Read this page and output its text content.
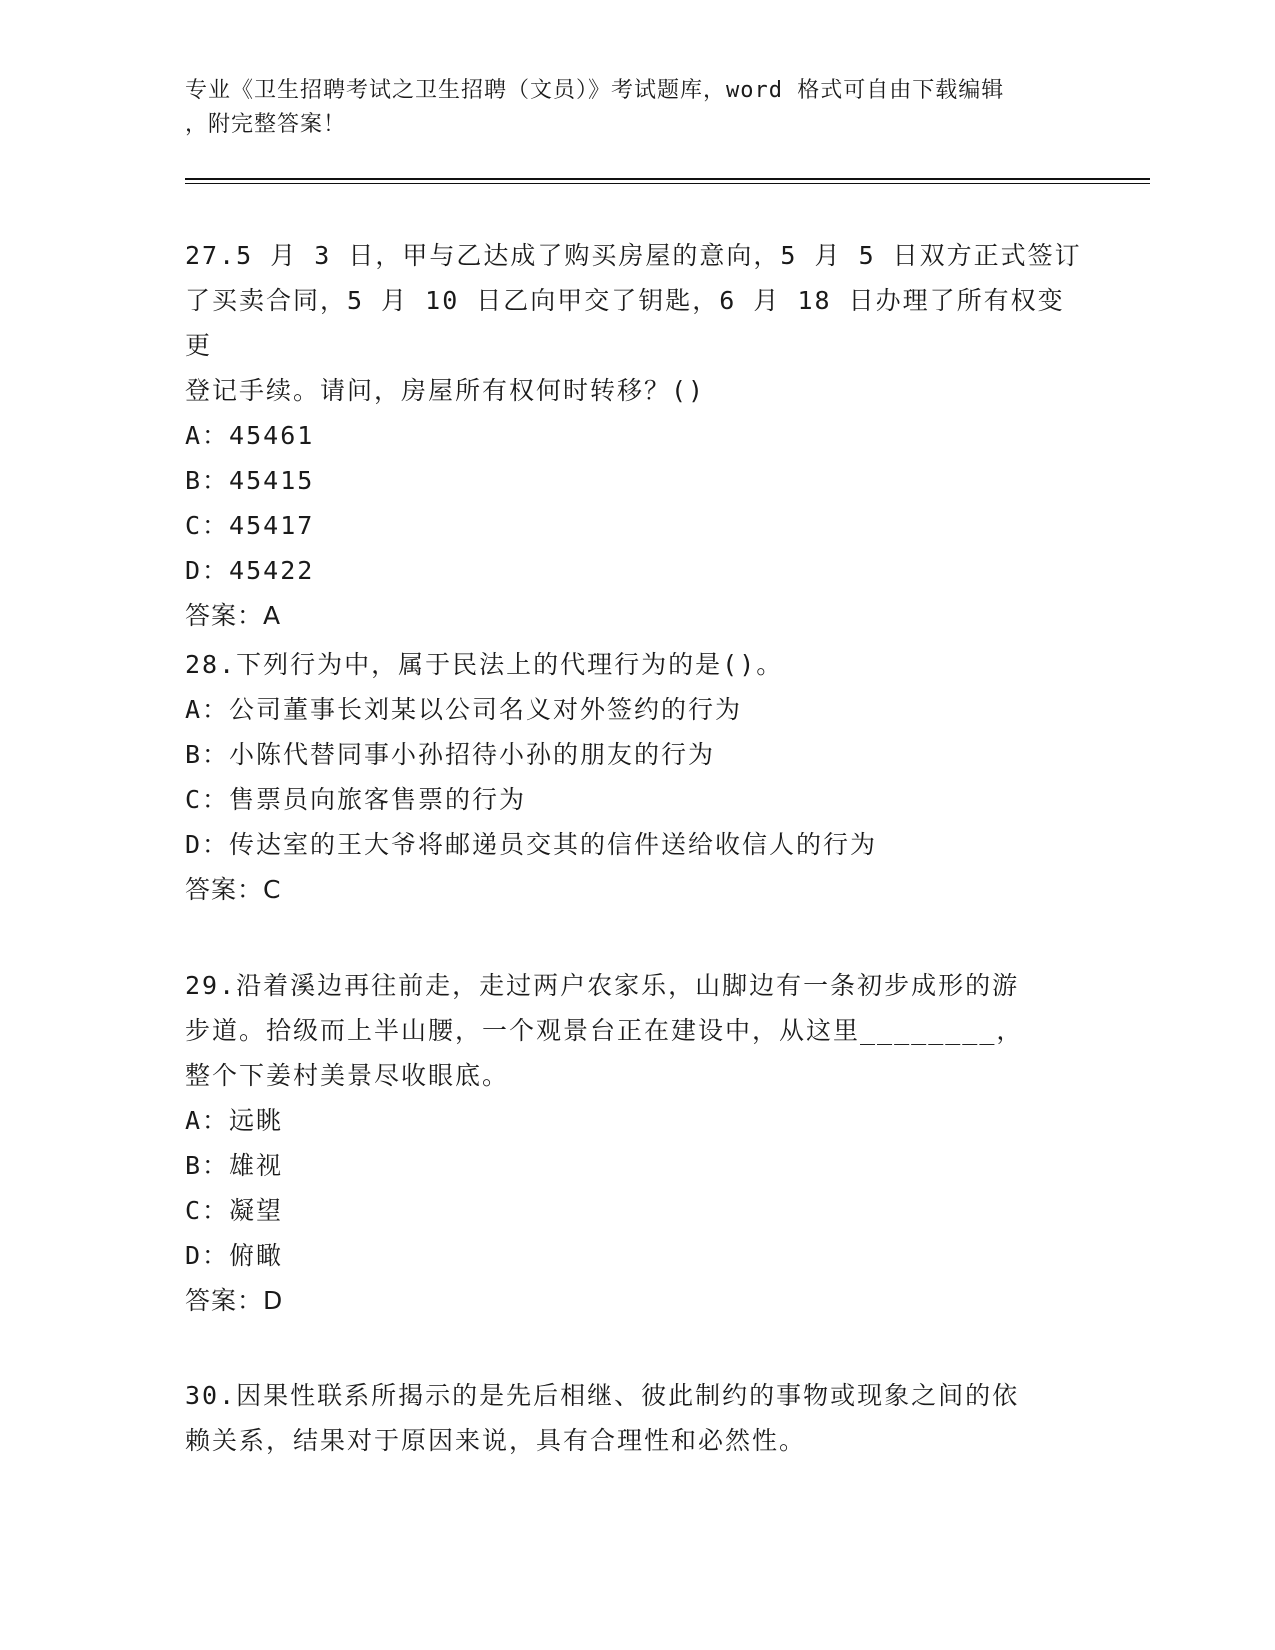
专业《卫生招聘考试之卫生招聘（文员）》考试题库，word 格式可自由下载编辑
，附完整答案！

27.5 月 3 日，甲与乙达成了购买房屋的意向，5 月 5 日双方正式签订

了买卖合同，5 月 10 日乙向甲交了钥匙，6 月 18 日办理了所有权变更

登记手续。请问，房屋所有权何时转移？()

A：45461

B：45415

C：45417

D：45422

答案：A

28.下列行为中，属于民法上的代理行为的是()。

A：公司董事长刘某以公司名义对外签约的行为

B：小陈代替同事小孙招待小孙的朋友的行为

C：售票员向旅客售票的行为

D：传达室的王大爷将邮递员交其的信件送给收信人的行为

答案：C

29.沿着溪边再往前走，走过两户农家乐，山脚边有一条初步成形的游

步道。拾级而上半山腰，一个观景台正在建设中，从这里________，

整个下姜村美景尽收眼底。

A：远眺

B：雄视

C：凝望

D：俯瞰

答案：D

30.因果性联系所揭示的是先后相继、彼此制约的事物或现象之间的依

赖关系，结果对于原因来说，具有合理性和必然性。
